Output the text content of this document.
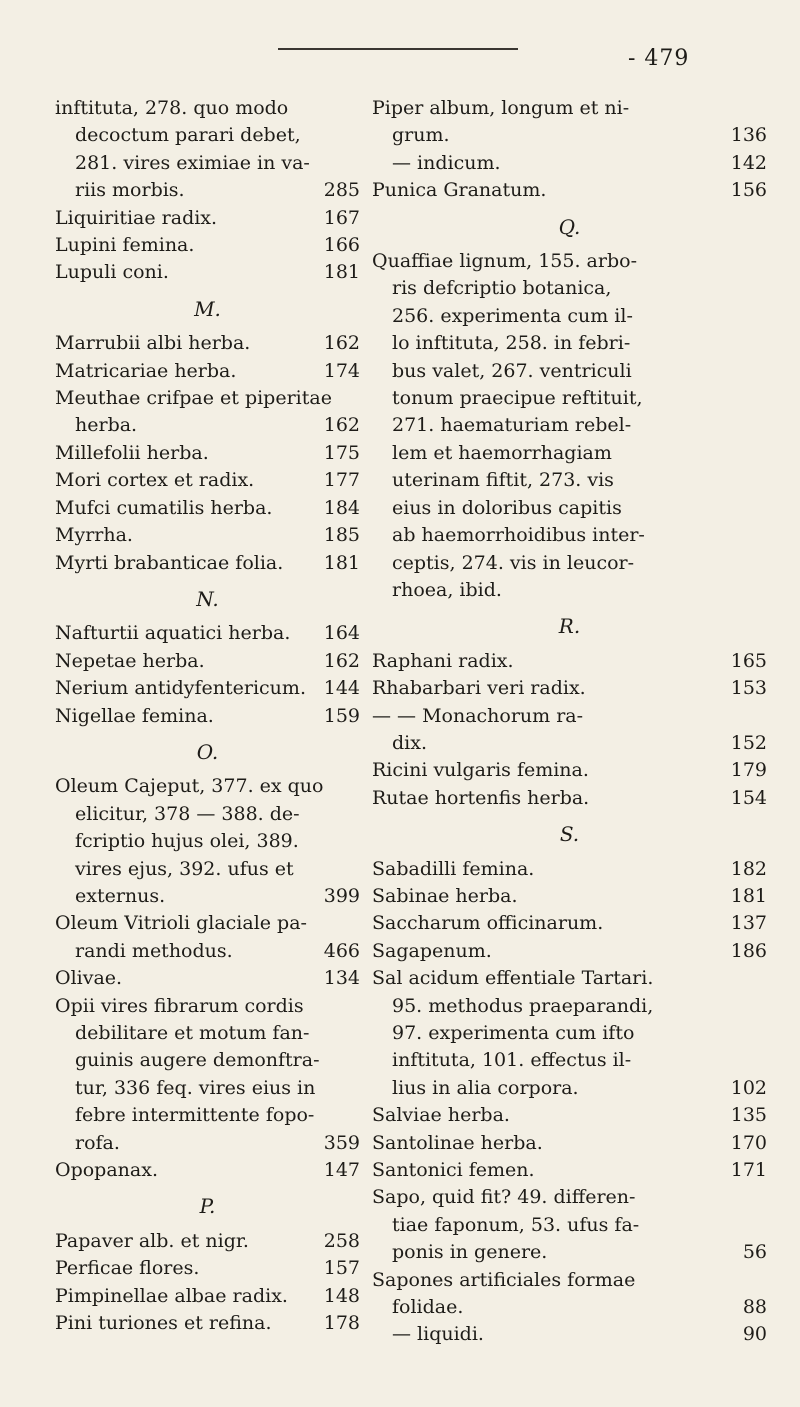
- 479
inftituta, 278. quo modo
decoctum parari debet,
281. vires eximiae in va-
riis morbis.	285
Liquiritiae radix.	167
Lupini femina.	166
Lupuli coni.	181
M.
Marrubii albi herba.	162
Matricariae herba.	174
Meuthae crifpae et piperitae
herba.	162
Millefolii herba.	175
Mori cortex et radix.	177
Mufci cumatilis herba.	184
Myrrha.	185
Myrti brabanticae folia.	181
N.
Nafturtii aquatici herba.	164
Nepetae herba.	162
Nerium antidyfentericum. 144
Nigellae femina.	159
O.
Oleum Cajeput, 377. ex quo
elicitur, 378 — 388. de-
fcriptio hujus olei, 389.
vires ejus, 392. ufus et
externus.	399
Oleum Vitrioli glaciale pa-
randi methodus.	466
Olivae.	134
Opii vires fibrarum cordis
debilitare et motum fan-
guinis augere demonftra-
tur, 336 feq. vires eius in
febre intermittente fopo-
rofa.	359
Opopanax.	147
P.
Papaver alb. et nigr.	258
Perficae flores.	157
Pimpinellae albae radix.	148
Pini turiones et refina.	178
Piper album, longum et ni-
grum.	136
— indicum.	142
Punica Granatum.	156
Q.
Quaffiae lignum, 155. arbo-
ris defcriptio botanica,
256. experimenta cum il-
lo inftituta, 258. in febri-
bus valet, 267. ventriculi
tonum praecipue reftituit,
271. haematuriam rebel-
lem et haemorrhagiam
uterinam fiftit, 273. vis
eius in doloribus capitis
ab haemorrhoidibus inter-
ceptis, 274. vis in leucor-
rhoea, ibid.
R.
Raphani radix.	165
Rhabarbari veri radix.	153
— — Monachorum ra-
dix.	152
Ricini vulgaris femina.	179
Rutae hortenfis herba.	154
S.
Sabadilli femina.	182
Sabinae herba.	181
Saccharum officinarum.	137
Sagapenum.	186
Sal acidum effentiale Tartari.
95. methodus praeparandi,
97. experimenta cum ifto
inftituta, 101. effectus il-
lius in alia corpora.	102
Salviae herba.	135
Santolinae herba.	170
Santonici femen.	171
Sapo, quid fit? 49. differen-
tiae faponum, 53. ufus fa-
ponis in genere.	56
Sapones artificiales formae
folidae.	88
— liquidi.	90
